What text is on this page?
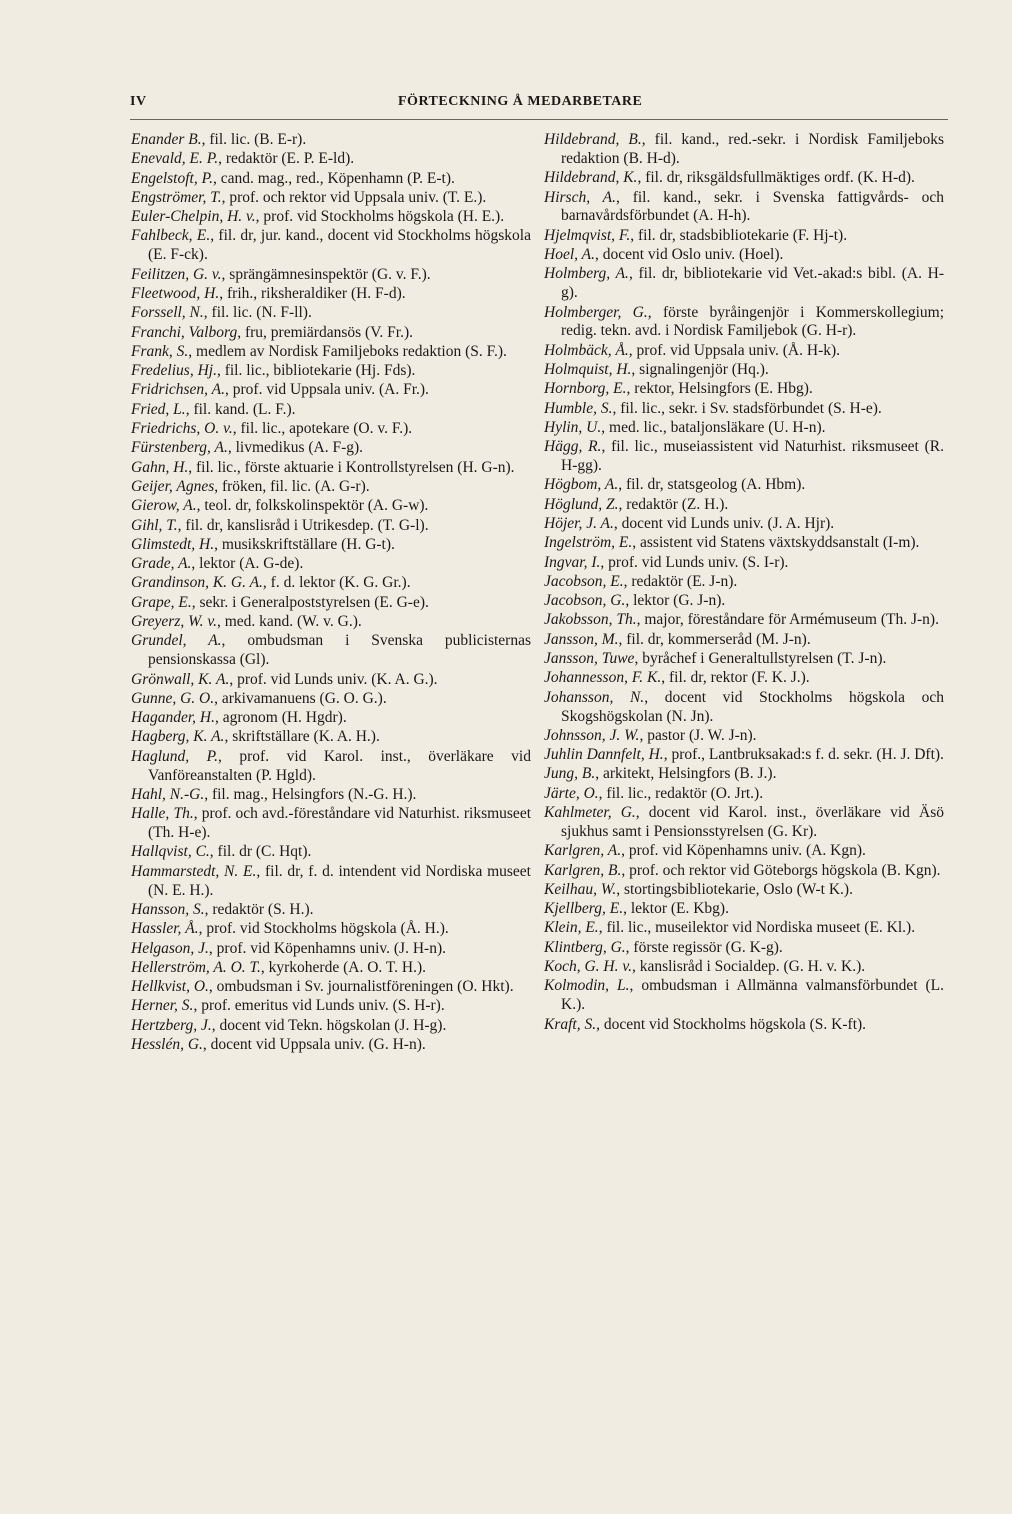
IV	FÖRTECKNING Å MEDARBETARE

Enander B., fil. lic. (B. E-r).

Enevald, E. P., redaktör (E. P. E-ld).

Engelstoft, P., cand. mag., red., Köpenhamn (P. E-t).

Engströmer, T., prof. och rektor vid Uppsala univ. (T. E.).

Euler-Chelpin, H. v., prof. vid Stockholms högskola (H. E.).

Fahlbeck, E., fil. dr, jur. kand., docent vid Stockholms högskola (E. F-ck).

Feilitzen, G. v., sprängämnesinspektör (G. v. F.).

Fleetwood, H., frih., riksheraldiker (H. F-d).

Forssell, N., fil. lic. (N. F-ll).

Franchi, Valborg, fru, premiärdansös (V. Fr.).

Frank, S., medlem av Nordisk Familjeboks redaktion (S. F.).

Fredelius, Hj., fil. lic., bibliotekarie (Hj. Fds).

Fridrichsen, A., prof. vid Uppsala univ. (A. Fr.).

Fried, L., fil. kand. (L. F.).

Friedrichs, O. v., fil. lic., apotekare (O. v. F.).

Fürstenberg, A., livmedikus (A. F-g).

Gahn, H., fil. lic., förste aktuarie i Kontrollstyrelsen (H. G-n).

Geijer, Agnes, fröken, fil. lic. (A. G-r).

Gierow, A., teol. dr, folkskolinspektör (A. G-w).

Gihl, T., fil. dr, kanslisråd i Utrikesdep. (T. G-l).

Glimstedt, H., musikskriftställare (H. G-t).

Grade, A., lektor (A. G-de).

Grandinson, K. G. A., f. d. lektor (K. G. Gr.).

Grape, E., sekr. i Generalpoststyrelsen (E. G-e).

Greyerz, W. v., med. kand. (W. v. G.).

Grundel, A., ombudsman i Svenska publicisternas pensionskassa (Gl).

Grönwall, K. A., prof. vid Lunds univ. (K. A. G.).

Gunne, G. O., arkivamanuens (G. O. G.).

Hagander, H., agronom (H. Hgdr).

Hagberg, K. A., skriftställare (K. A. H.).

Haglund, P., prof. vid Karol. inst., överläkare vid Vanföreanstalten (P. Hgld).

Hahl, N.-G., fil. mag., Helsingfors (N.-G. H.).

Halle, Th., prof. och avd.-föreståndare vid Naturhist. riksmuseet (Th. H-e).

Hallqvist, C., fil. dr (C. Hqt).

Hammarstedt, N. E., fil. dr, f. d. intendent vid Nordiska museet (N. E. H.).

Hansson, S., redaktör (S. H.).

Hassler, Å., prof. vid Stockholms högskola (Å. H.).

Helgason, J., prof. vid Köpenhamns univ. (J. H-n).

Hellerström, A. O. T., kyrkoherde (A. O. T. H.).

Hellkvist, O., ombudsman i Sv. journalistföreningen (O. Hkt).

Herner, S., prof. emeritus vid Lunds univ. (S. H-r).

Hertzberg, J., docent vid Tekn. högskolan (J. H-g).

Hesslén, G., docent vid Uppsala univ. (G. H-n).

Hildebrand, B., fil. kand., red.-sekr. i Nordisk Familjeboks redaktion (B. H-d).

Hildebrand, K., fil. dr, riksgäldsfullmäktiges ordf. (K. H-d).

Hirsch, A., fil. kand., sekr. i Svenska fattigvårds- och barnavårdsförbundet (A. H-h).

Hjelmqvist, F., fil. dr, stadsbibliotekarie (F. Hj-t).

Hoel, A., docent vid Oslo univ. (Hoel).

Holmberg, A., fil. dr, bibliotekarie vid Vet.-akad:s bibl. (A. H-g).

Holmberger, G., förste byråingenjör i Kommerskollegium; redig. tekn. avd. i Nordisk Familjebok (G. H-r).

Holmbäck, Å., prof. vid Uppsala univ. (Å. H-k).

Holmquist, H., signalingenjör (Hq.).

Hornborg, E., rektor, Helsingfors (E. Hbg).

Humble, S., fil. lic., sekr. i Sv. stadsförbundet (S. H-e).

Hylin, U., med. lic., bataljonsläkare (U. H-n).

Hägg, R., fil. lic., museiassistent vid Naturhist. riksmuseet (R. H-gg).

Högbom, A., fil. dr, statsgeolog (A. Hbm).

Höglund, Z., redaktör (Z. H.).

Höjer, J. A., docent vid Lunds univ. (J. A. Hjr).

Ingelström, E., assistent vid Statens växtskyddsanstalt (I-m).

Ingvar, I., prof. vid Lunds univ. (S. I-r).

Jacobson, E., redaktör (E. J-n).

Jacobson, G., lektor (G. J-n).

Jakobsson, Th., major, föreståndare för Armémuseum (Th. J-n).

Jansson, M., fil. dr, kommerseråd (M. J-n).

Jansson, Tuwe, byråchef i Generaltullstyrelsen (T. J-n).

Johannesson, F. K., fil. dr, rektor (F. K. J.).

Johansson, N., docent vid Stockholms högskola och Skogshögskolan (N. Jn).

Johnsson, J. W., pastor (J. W. J-n).

Juhlin Dannfelt, H., prof., Lantbruksakad:s f. d. sekr. (H. J. Dft).

Jung, B., arkitekt, Helsingfors (B. J.).

Järte, O., fil. lic., redaktör (O. Jrt.).

Kahlmeter, G., docent vid Karol. inst., överläkare vid Äsö sjukhus samt i Pensionsstyrelsen (G. Kr).

Karlgren, A., prof. vid Köpenhamns univ. (A. Kgn).

Karlgren, B., prof. och rektor vid Göteborgs högskola (B. Kgn).

Keilhau, W., stortingsbibliotekarie, Oslo (W-t K.).

Kjellberg, E., lektor (E. Kbg).

Klein, E., fil. lic., museilektor vid Nordiska museet (E. Kl.).

Klintberg, G., förste regissör (G. K-g).

Koch, G. H. v., kanslisråd i Socialdep. (G. H. v. K.).

Kolmodin, L., ombudsman i Allmänna valmansförbundet (L. K.).

Kraft, S., docent vid Stockholms högskola (S. K-ft).
